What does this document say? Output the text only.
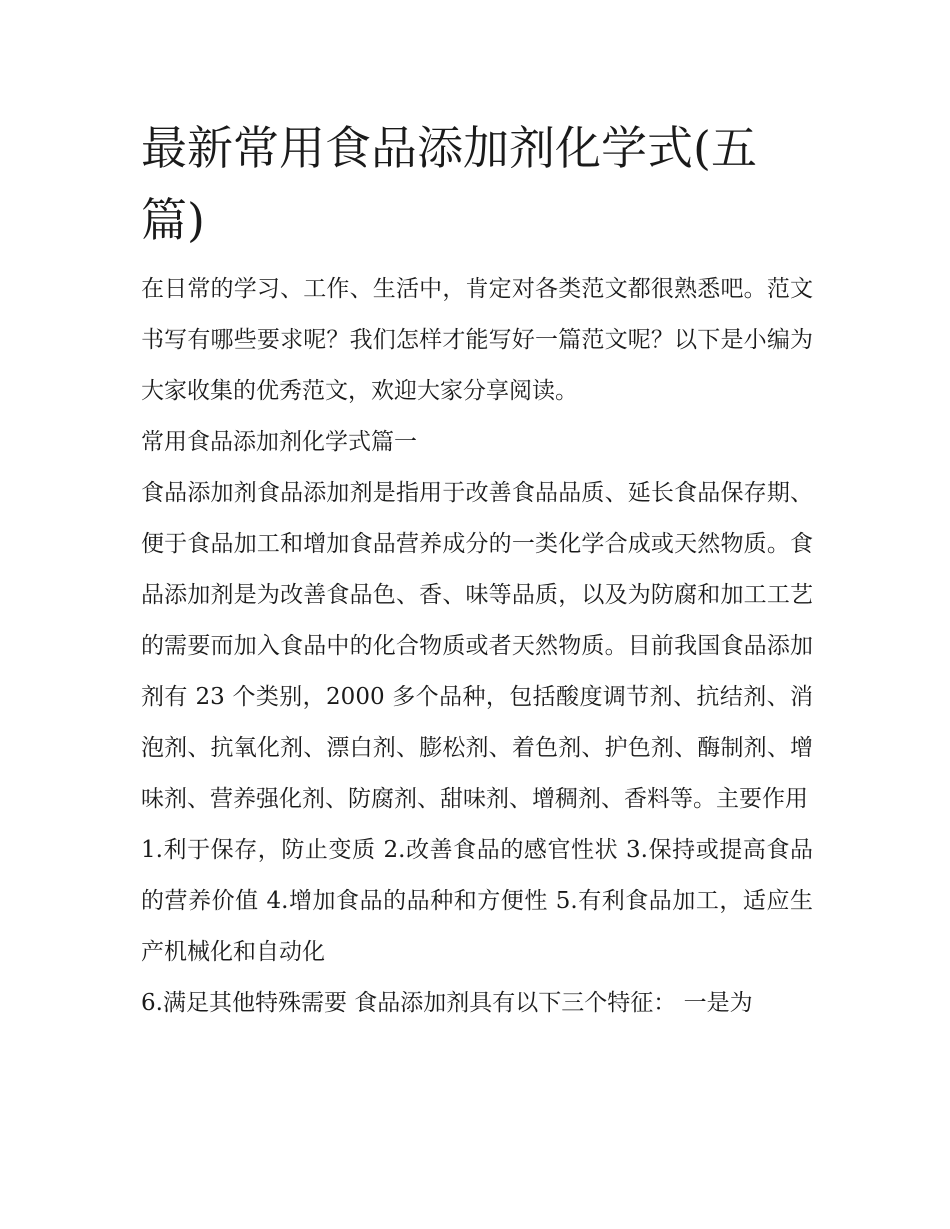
最新常用食品添加剂化学式(五篇)

在日常的学习、工作、生活中，肯定对各类范文都很熟悉吧。范文书写有哪些要求呢？我们怎样才能写好一篇范文呢？以下是小编为大家收集的优秀范文，欢迎大家分享阅读。

常用食品添加剂化学式篇一

食品添加剂食品添加剂是指用于改善食品品质、延长食品保存期、便于食品加工和增加食品营养成分的一类化学合成或天然物质。食品添加剂是为改善食品色、香、味等品质，以及为防腐和加工工艺的需要而加入食品中的化合物质或者天然物质。目前我国食品添加剂有 23 个类别，2000 多个品种，包括酸度调节剂、抗结剂、消泡剂、抗氧化剂、漂白剂、膨松剂、着色剂、护色剂、酶制剂、增味剂、营养强化剂、防腐剂、甜味剂、增稠剂、香料等。主要作用

1.利于保存，防止变质 2.改善食品的感官性状 3.保持或提高食品的营养价值 4.增加食品的品种和方便性 5.有利食品加工，适应生产机械化和自动化

6.满足其他特殊需要 食品添加剂具有以下三个特征： 一是为
